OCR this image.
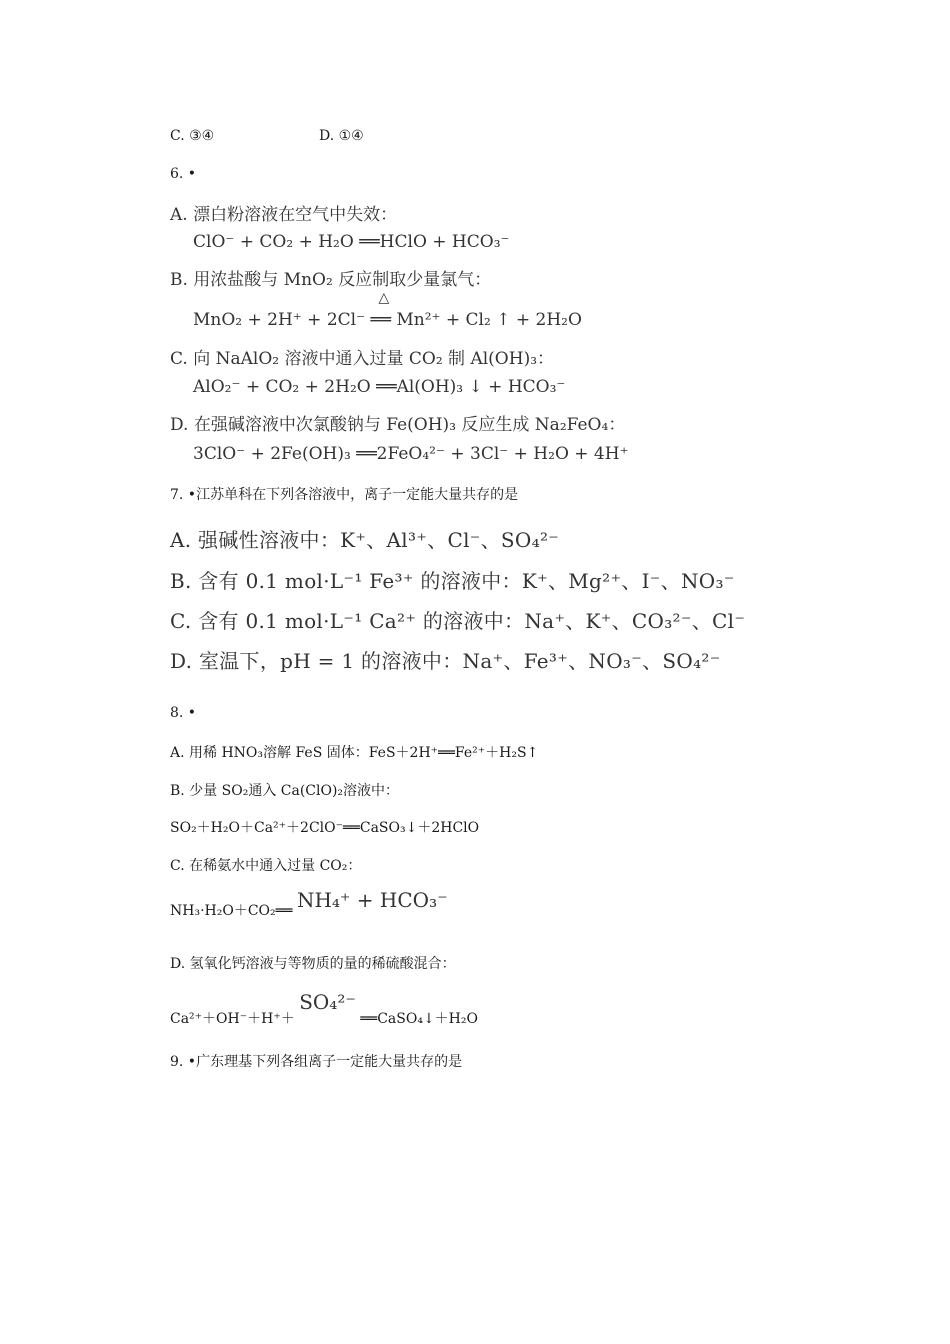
C. ③④	D. ①④
6. •
A. 漂白粉溶液在空气中失效：
ClO⁻ + CO₂ + H₂O ══HClO + HCO₃⁻
B. 用浓盐酸与 MnO₂ 反应制取少量氯气：
MnO₂ + 2H⁺ + 2Cl⁻
△
══ Mn²⁺ + Cl₂ ↑ + 2H₂O
C. 向 NaAlO₂ 溶液中通入过量 CO₂ 制 Al(OH)₃：
AlO₂⁻ + CO₂ + 2H₂O ══Al(OH)₃ ↓ + HCO₃⁻
D. 在强碱溶液中次氯酸钠与 Fe(OH)₃ 反应生成 Na₂FeO₄：
3ClO⁻ + 2Fe(OH)₃ ══2FeO₄²⁻ + 3Cl⁻ + H₂O + 4H⁺
7. •江苏单科在下列各溶液中，离子一定能大量共存的是
A. 强碱性溶液中：K⁺、Al³⁺、Cl⁻、SO₄²⁻
B. 含有 0.1 mol·L⁻¹ Fe³⁺ 的溶液中：K⁺、Mg²⁺、I⁻、NO₃⁻
C. 含有 0.1 mol·L⁻¹ Ca²⁺ 的溶液中：Na⁺、K⁺、CO₃²⁻、Cl⁻
D. 室温下，pH = 1 的溶液中：Na⁺、Fe³⁺、NO₃⁻、SO₄²⁻
8. •
A. 用稀 HNO₃溶解 FeS 固体：FeS＋2H⁺══Fe²⁺＋H₂S↑
B. 少量 SO₂通入 Ca(ClO)₂溶液中：
SO₂＋H₂O＋Ca²⁺＋2ClO⁻══CaSO₃↓＋2HClO
C. 在稀氨水中通入过量 CO₂：
NH₃·H₂O＋CO₂══ NH₄⁺ + HCO₃⁻
D. 氢氧化钙溶液与等物质的量的稀硫酸混合：
Ca²⁺＋OH⁻＋H⁺＋ SO₄²⁻ ══CaSO₄↓＋H₂O
9. •广东理基下列各组离子一定能大量共存的是
